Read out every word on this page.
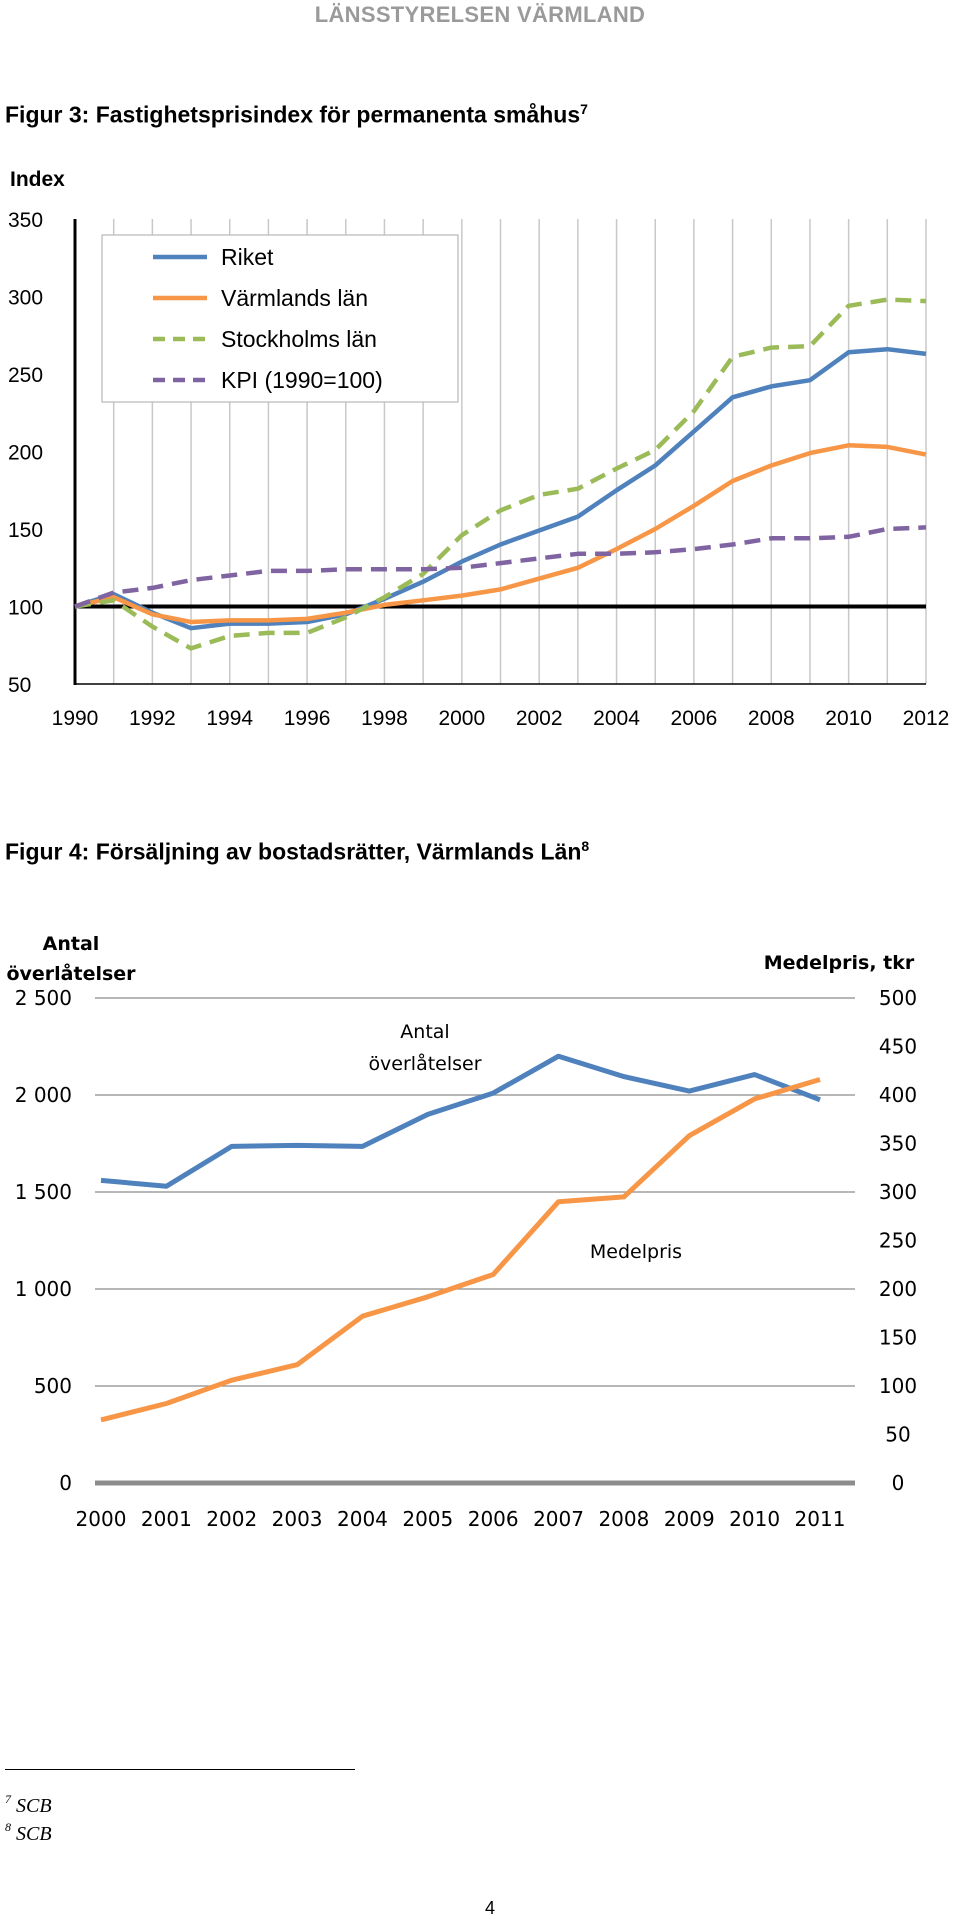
LÄNSSTYRELSEN VÄRMLAND
Figur 3: Fastighetsprisindex för permanenta småhus$^7$
350
300
250
200
150
100
50
1990 1992 1994 1996 1998 2000 2002 2004 2006 2008 2010 2012
Index
Riket
Värmlands län
Stockholms län
KPI (1990=100)
Figur 4: Försäljning av bostadsrätter, Värmlands Län$^8$
2 500
2 000
1 500
1 000
500
0
500
450
400
350
300
250
200
150
100
50
0
2000 2001 2002 2003 2004 2005 2006 2007 2008 2009 2010 2011
Antal
överlåtelser	Medelpris, tkr
Antal
överlåtelser
Medelpris
$^7$ SCB
$^8$ SCB
4
